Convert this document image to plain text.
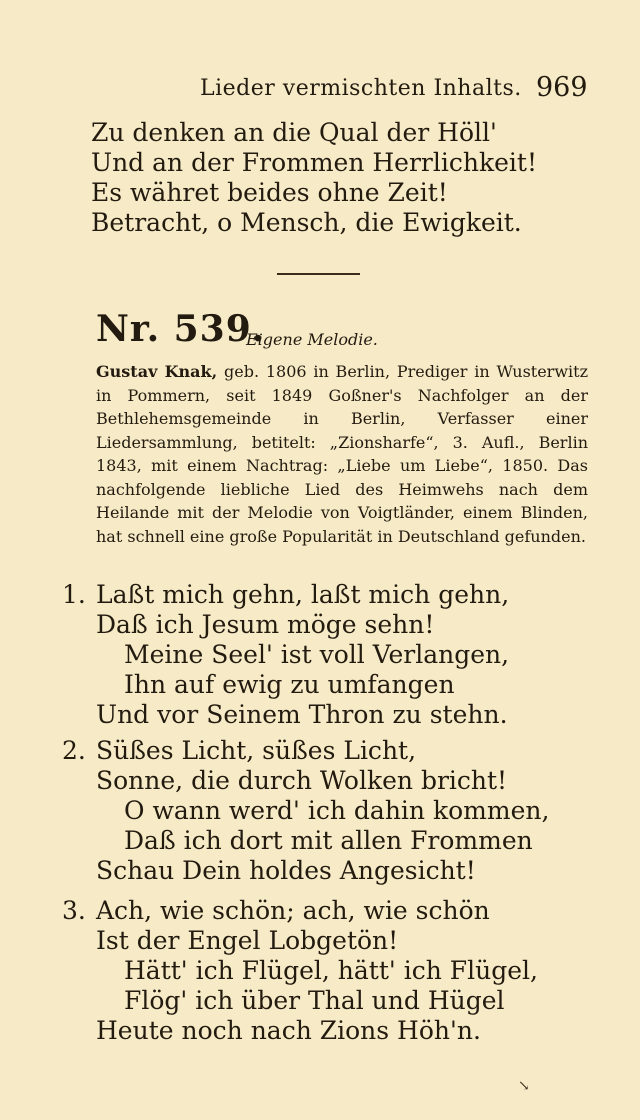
Lieder vermischten Inhalts. 969
Zu denken an die Qual der Höll'
Und an der Frommen Herrlichkeit!
Es währet beides ohne Zeit!
Betracht, o Mensch, die Ewigkeit.
Nr. 539.
Eigene Melodie.
Gustav Knak, geb. 1806 in Berlin, Prediger in Wusterwitz in Pommern, seit 1849 Goßner's Nachfolger an der Bethlehemsgemeinde in Berlin, Verfasser einer Liedersammlung, betitelt: „Zionsharfe“, 3. Aufl., Berlin 1843, mit einem Nachtrag: „Liebe um Liebe“, 1850. Das nachfolgende liebliche Lied des Heimwehs nach dem Heilande mit der Melodie von Voigtländer, einem Blinden, hat schnell eine große Popularität in Deutschland gefunden.
1. Laßt mich gehn, laßt mich gehn,
Daß ich Jesum möge sehn!
Meine Seel' ist voll Verlangen,
Ihn auf ewig zu umfangen
Und vor Seinem Thron zu stehn.
2. Süßes Licht, süßes Licht,
Sonne, die durch Wolken bricht!
O wann werd' ich dahin kommen,
Daß ich dort mit allen Frommen
Schau Dein holdes Angesicht!
3. Ach, wie schön; ach, wie schön
Ist der Engel Lobgetön!
Hätt' ich Flügel, hätt' ich Flügel,
Flög' ich über Thal und Hügel
Heute noch nach Zions Höh'n.
↘
